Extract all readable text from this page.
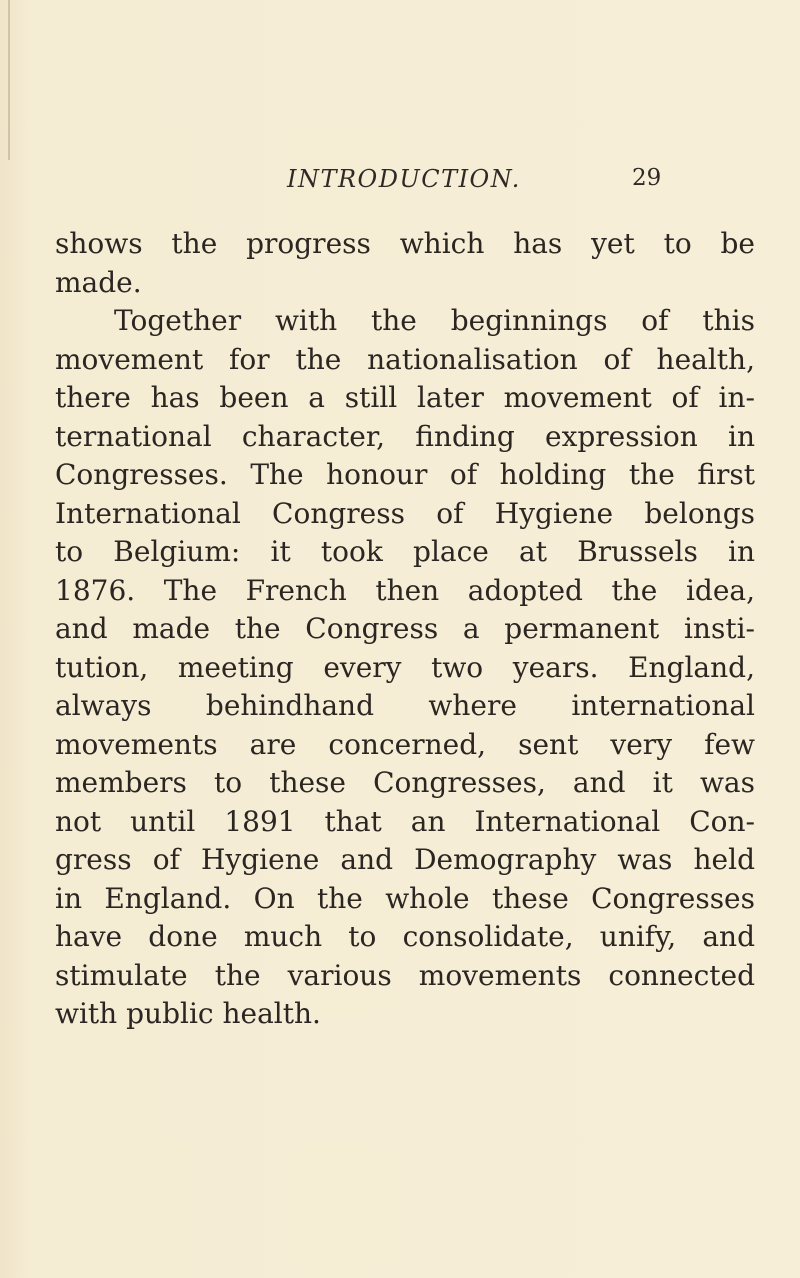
INTRODUCTION.	29
shows the progress which has yet to be
made.
Together with the beginnings of this
movement for the nationalisation of health,
there has been a still later movement of in-
ternational character, finding expression in
Congresses. The honour of holding the first
International Congress of Hygiene belongs
to Belgium: it took place at Brussels in
1876. The French then adopted the idea,
and made the Congress a permanent insti-
tution, meeting every two years. England,
always behindhand where international
movements are concerned, sent very few
members to these Congresses, and it was
not until 1891 that an International Con-
gress of Hygiene and Demography was held
in England. On the whole these Congresses
have done much to consolidate, unify, and
stimulate the various movements connected
with public health.
